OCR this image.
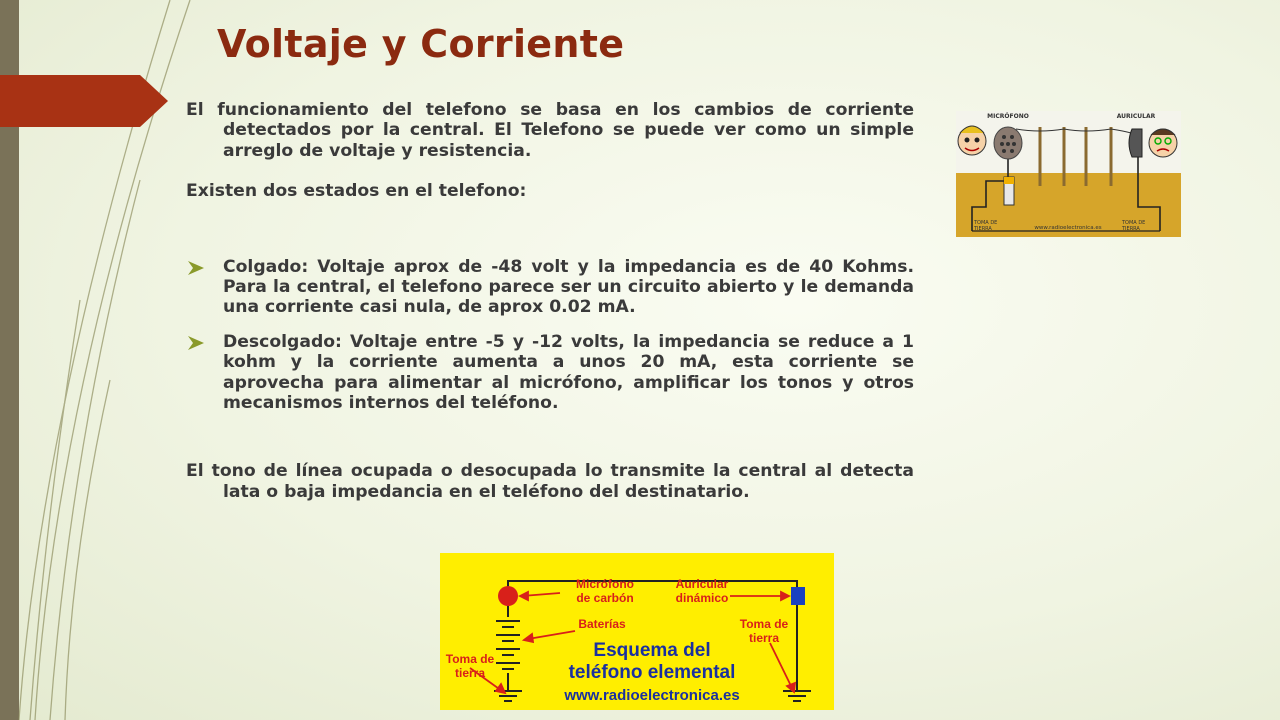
Voltaje y Corriente

El funcionamiento del telefono se basa en los cambios de corriente detectados por la central. El Telefono se puede ver como un simple arreglo de voltaje y resistencia.

Existen dos estados en el telefono:

Colgado: Voltaje aprox de -48 volt y la impedancia es de 40 Kohms. Para la central, el telefono parece ser un circuito abierto y le demanda una corriente casi nula, de aprox 0.02 mA.
Descolgado: Voltaje entre -5 y -12 volts, la impedancia se reduce a 1 kohm y la corriente aumenta a unos 20 mA, esta corriente se aprovecha para alimentar al micrófono, amplificar los tonos y otros mecanismos internos del teléfono.

El tono de línea ocupada o desocupada lo transmite la central al detecta lata o baja impedancia en el teléfono del destinatario.

MICRÓFONO	AURICULAR
TOMA DE
TIERRA
TOMA DE
TIERRA
www.radioelectronica.es
Micrófono
de carbón
Auricular
dinámico
Baterías
Toma de
tierra
Toma de
tierra
Esquema del
teléfono elemental
www.radioelectronica.es
